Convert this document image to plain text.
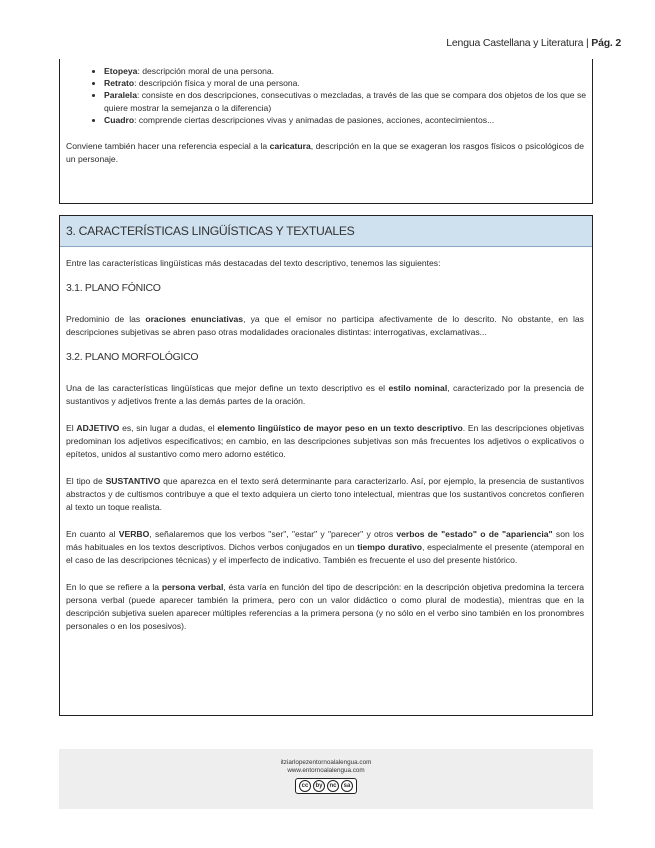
Lengua Castellana y Literatura | Pág. 2
• Etopeya: descripción moral de una persona.
• Retrato: descripción física y moral de una persona.
• Paralela: consiste en dos descripciones, consecutivas o mezcladas, a través de las que se compara dos objetos de los que se quiere mostrar la semejanza o la diferencia)
• Cuadro: comprende ciertas descripciones vivas y animadas de pasiones, acciones, acontecimientos...

Conviene también hacer una referencia especial a la caricatura, descripción en la que se exageran los rasgos físicos o psicológicos de un personaje.

3. CARACTERÍSTICAS LINGÜÍSTICAS Y TEXTUALES
Entre las características lingüísticas más destacadas del texto descriptivo, tenemos las siguientes:
3.1. PLANO FÓNICO

Predominio de las oraciones enunciativas, ya que el emisor no participa afectivamente de lo descrito. No obstante, en las descripciones subjetivas se abren paso otras modalidades oracionales distintas: interrogativas, exclamativas...

3.2. PLANO MORFOLÓGICO

Una de las características lingüísticas que mejor define un texto descriptivo es el estilo nominal, caracterizado por la presencia de sustantivos y adjetivos frente a las demás partes de la oración.

El ADJETIVO es, sin lugar a dudas, el elemento lingüístico de mayor peso en un texto descriptivo. En las descripciones objetivas predominan los adjetivos especificativos; en cambio, en las descripciones subjetivas son más frecuentes los adjetivos o explicativos o epítetos, unidos al sustantivo como mero adorno estético.

El tipo de SUSTANTIVO que aparezca en el texto será determinante para caracterizarlo. Así, por ejemplo, la presencia de sustantivos abstractos y de cultismos contribuye a que el texto adquiera un cierto tono intelectual, mientras que los sustantivos concretos confieren al texto un toque realista.

En cuanto al VERBO, señalaremos que los verbos "ser", "estar" y "parecer" y otros verbos de "estado" o de "apariencia" son los más habituales en los textos descriptivos. Dichos verbos conjugados en un tiempo durativo, especialmente el presente (atemporal en el caso de las descripciones técnicas) y el imperfecto de indicativo. También es frecuente el uso del presente histórico.

En lo que se refiere a la persona verbal, ésta varía en función del tipo de descripción: en la descripción objetiva predomina la tercera persona verbal (puede aparecer también la primera, pero con un valor didáctico o como plural de modestia), mientras que en la descripción subjetiva suelen aparecer múltiples referencias a la primera persona (y no sólo en el verbo sino también en los pronombres personales o en los posesivos).

itziarlopezentornoalalengua.com
www.entornoalalengua.com
cc	by	nc	sa
